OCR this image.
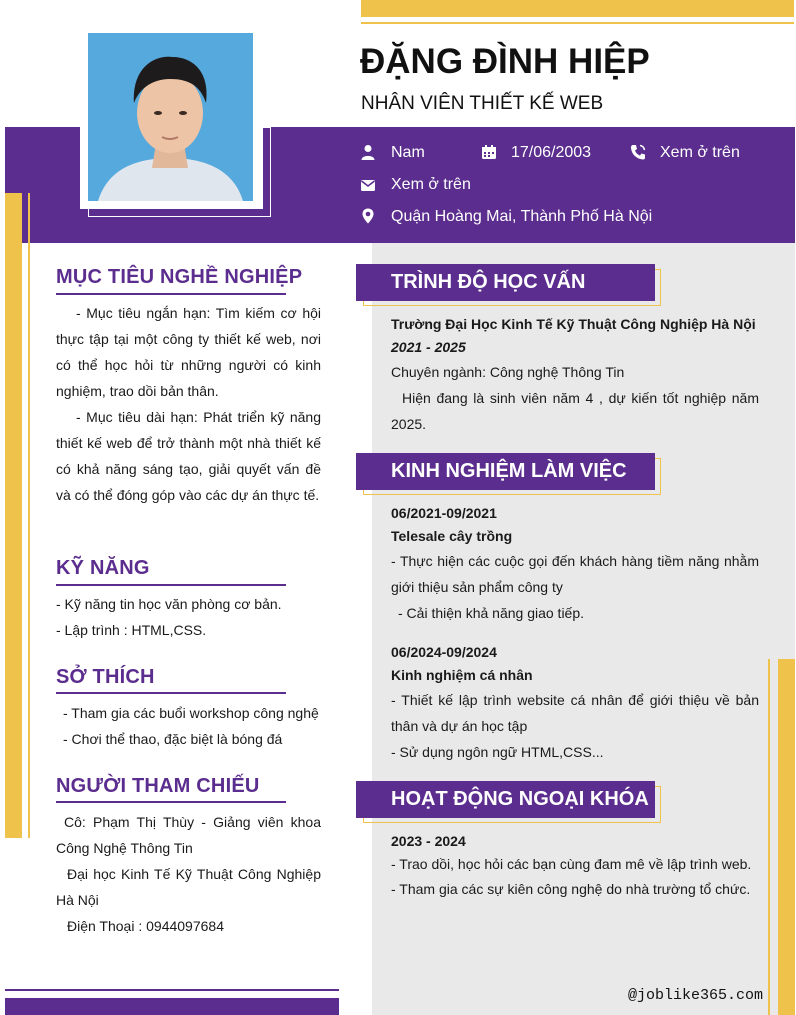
ĐẶNG ĐÌNH HIỆP
NHÂN VIÊN THIẾT KẾ WEB
Nam	17/06/2003	Xem ở trên
Xem ở trên
Quận Hoàng Mai, Thành Phố Hà Nội
MỤC TIÊU NGHỀ NGHIỆP
- Mục tiêu ngắn hạn: Tìm kiếm cơ hội thực tập tại một công ty thiết kế web, nơi có thể học hỏi từ những người có kinh nghiệm, trao dồi bản thân.
- Mục tiêu dài hạn: Phát triển kỹ năng thiết kế web để trở thành một nhà thiết kế có khả năng sáng tạo, giải quyết vấn đề và có thể đóng góp vào các dự án thực tế.
KỸ NĂNG
- Kỹ năng tin học văn phòng cơ bản.
- Lập trình : HTML,CSS.
SỞ THÍCH
- Tham gia các buổi workshop công nghệ
- Chơi thể thao, đặc biệt là bóng đá
NGƯỜI THAM CHIẾU
Cô: Phạm Thị Thùy - Giảng viên khoa Công Nghệ Thông Tin
Đại học Kinh Tế Kỹ Thuật Công Nghiệp Hà Nội
Điện Thoại : 0944097684
TRÌNH ĐỘ HỌC VẤN
Trường Đại Học Kinh Tế Kỹ Thuật Công Nghiệp Hà Nội
2021 - 2025
Chuyên ngành: Công nghệ Thông Tin
Hiện đang là sinh viên năm 4 , dự kiến tốt nghiệp năm 2025.
KINH NGHIỆM LÀM VIỆC
06/2021-09/2021
Telesale cây trồng
- Thực hiện các cuộc gọi đến khách hàng tiềm năng nhằm giới thiệu sản phẩm công ty
- Cải thiện khả năng giao tiếp.
06/2024-09/2024
Kinh nghiệm cá nhân
- Thiết kế lập trình website cá nhân để giới thiệu về bản thân và dự án học tập
- Sử dụng ngôn ngữ HTML,CSS...
HOẠT ĐỘNG NGOẠI KHÓA
2023 - 2024
- Trao dồi, học hỏi các bạn cùng đam mê về lập trình web.
- Tham gia các sự kiên công nghệ do nhà trường tổ chức.
@joblike365.com
